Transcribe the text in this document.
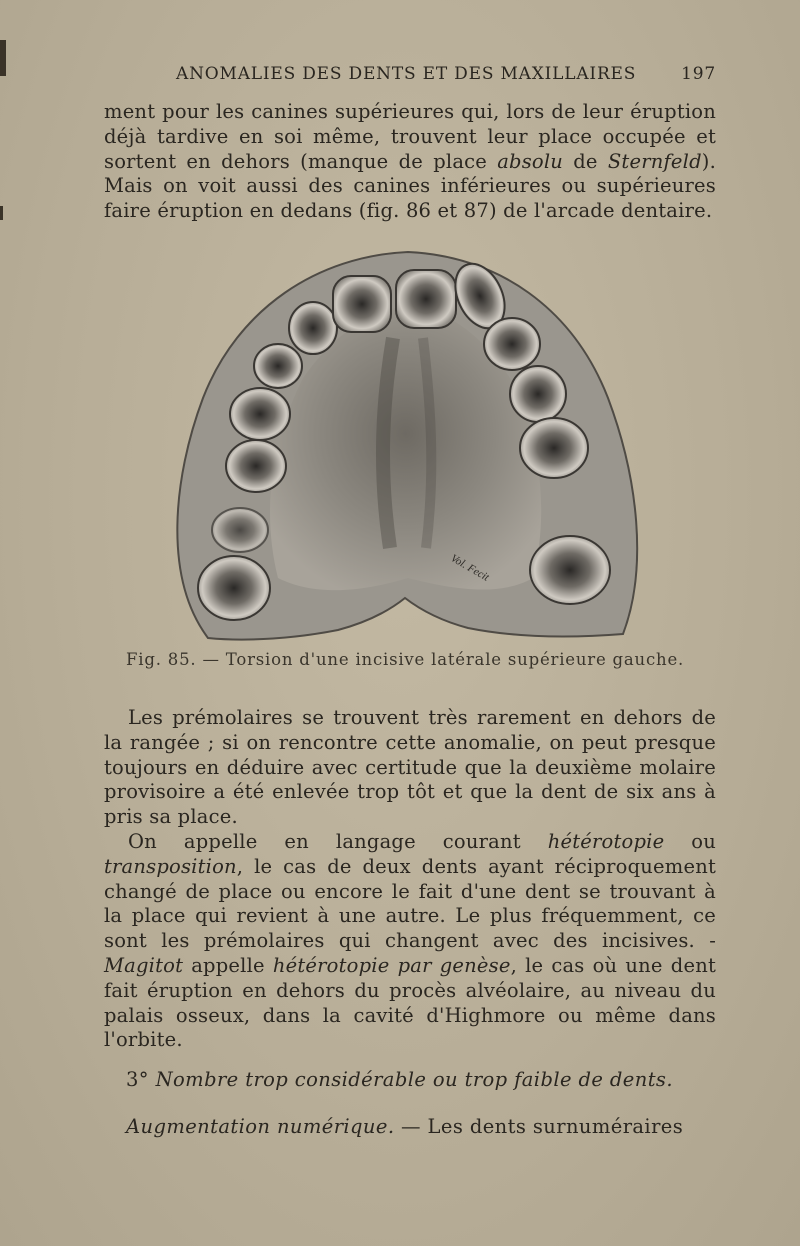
ANOMALIES DES DENTS ET DES MAXILLAIRES	197

ment pour les canines supérieures qui, lors de leur éruption déjà tardive en soi même, trouvent leur place occupée et sortent en dehors (manque de place absolu de Sternfeld). Mais on voit aussi des canines inférieures ou supérieures faire éruption en dedans (fig. 86 et 87) de l'arcade dentaire.

Vol. Fecit
Fig. 85. — Torsion d'une incisive latérale supérieure gauche.

Les prémolaires se trouvent très rarement en dehors de la rangée ; si on rencontre cette anomalie, on peut presque toujours en déduire avec certitude que la deuxième molaire provisoire a été enlevée trop tôt et que la dent de six ans à pris sa place.

On appelle en langage courant hétérotopie ou transposition, le cas de deux dents ayant réciproquement changé de place ou encore le fait d'une dent se trouvant à la place qui revient à une autre. Le plus fréquemment, ce sont les prémolaires qui changent avec des incisives. - Magitot appelle hétérotopie par genèse, le cas où une dent fait éruption en dehors du procès alvéolaire, au niveau du palais osseux, dans la cavité d'Highmore ou même dans l'orbite.

3° Nombre trop considérable ou trop faible de dents.
Augmentation numérique. — Les dents surnuméraires
